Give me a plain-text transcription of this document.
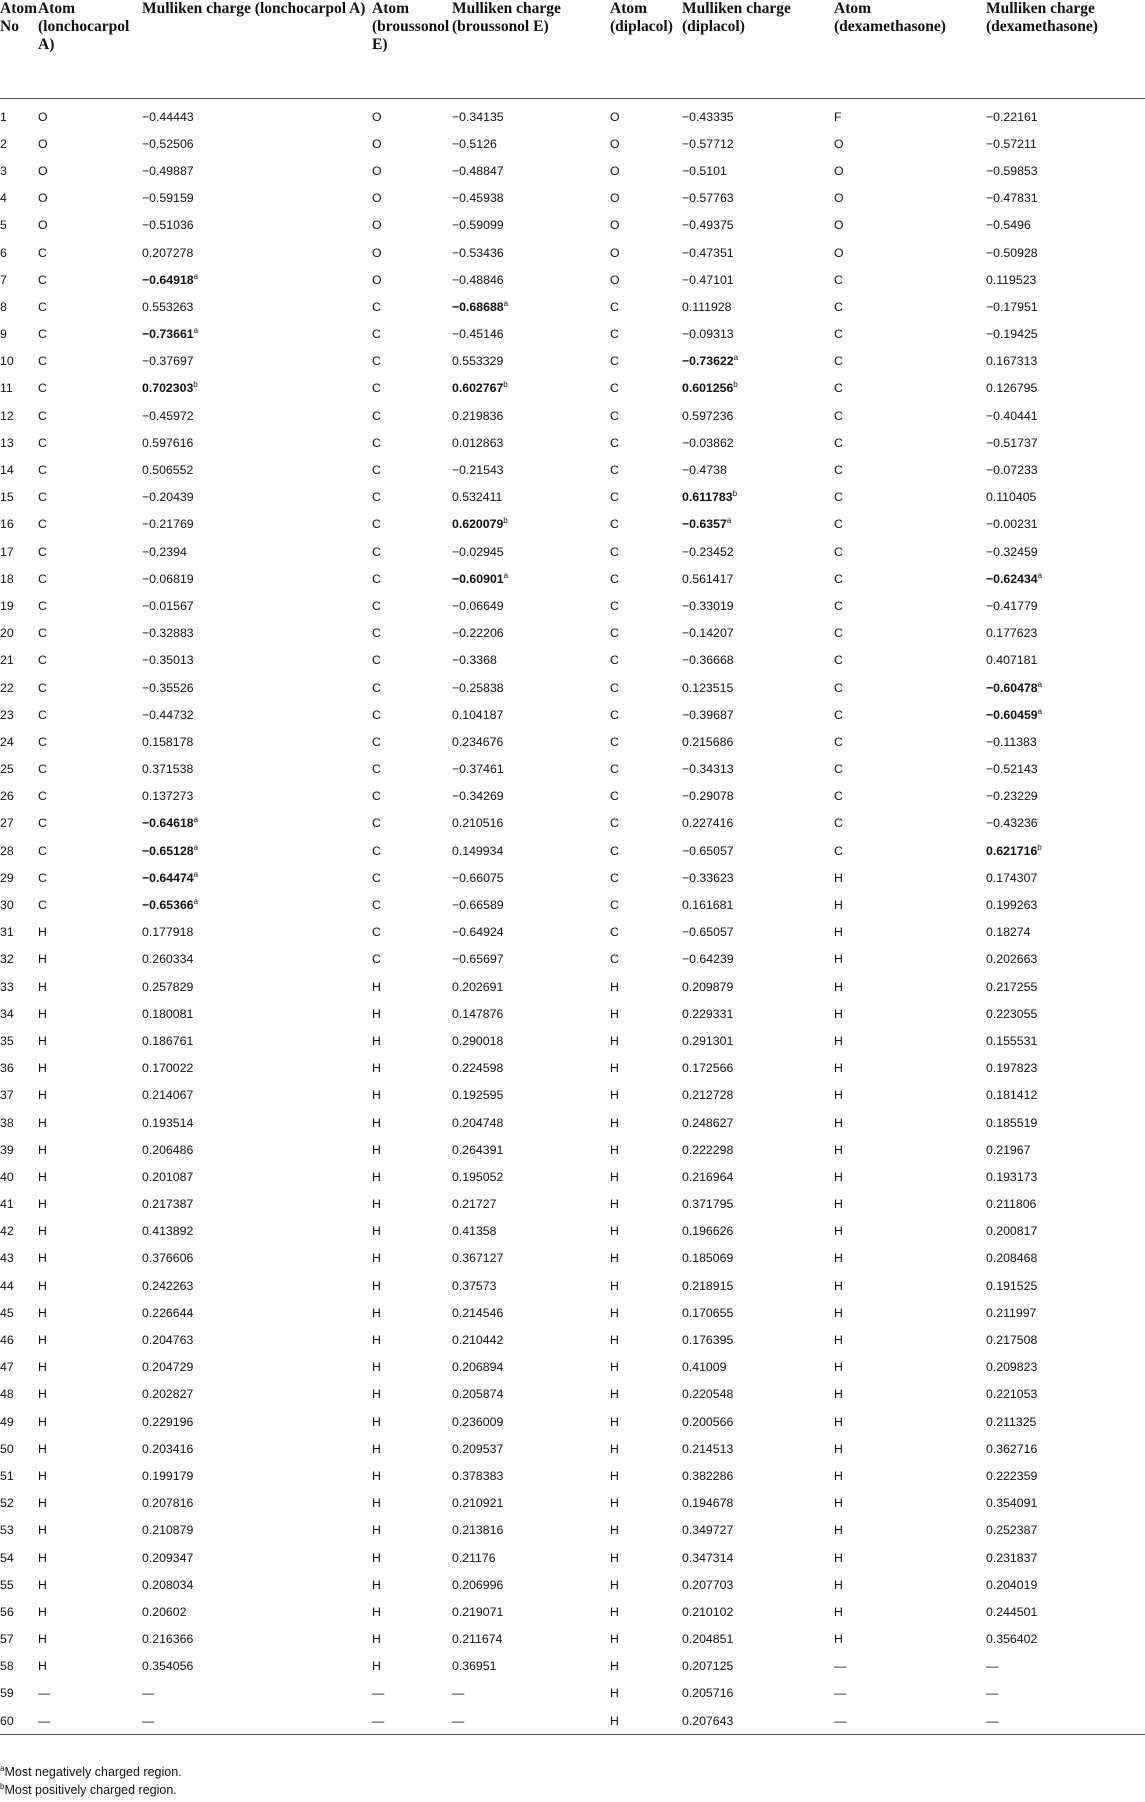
Atom No	Atom (lonchocarpol A)	Mulliken charge (lonchocarpol A)	Atom (broussonol E)	Mulliken charge (broussonol E)	Atom (diplacol)	Mulliken charge (diplacol)	Atom (dexamethasone)	Mulliken charge (dexamethasone)
1	O	−0.44443	O	−0.34135	O	−0.43335	F	−0.22161
2	O	−0.52506	O	−0.5126	O	−0.57712	O	−0.57211
3	O	−0.49887	O	−0.48847	O	−0.5101	O	−0.59853
4	O	−0.59159	O	−0.45938	O	−0.57763	O	−0.47831
5	O	−0.51036	O	−0.59099	O	−0.49375	O	−0.5496
6	C	0.207278	O	−0.53436	O	−0.47351	O	−0.50928
7	C	−0.64918$^a$	O	−0.48846	O	−0.47101	C	0.119523
8	C	0.553263	C	−0.68688$^a$	C	0.111928	C	−0.17951
9	C	−0.73661$^a$	C	−0.45146	C	−0.09313	C	−0.19425
10	C	−0.37697	C	0.553329	C	−0.73622$^a$	C	0.167313
11	C	0.702303$^b$	C	0.602767$^b$	C	0.601256$^b$	C	0.126795
12	C	−0.45972	C	0.219836	C	0.597236	C	−0.40441
13	C	0.597616	C	0.012863	C	−0.03862	C	−0.51737
14	C	0.506552	C	−0.21543	C	−0.4738	C	−0.07233
15	C	−0.20439	C	0.532411	C	0.611783$^b$	C	0.110405
16	C	−0.21769	C	0.620079$^b$	C	−0.6357$^a$	C	−0.00231
17	C	−0.2394	C	−0.02945	C	−0.23452	C	−0.32459
18	C	−0.06819	C	−0.60901$^a$	C	0.561417	C	−0.62434$^a$
19	C	−0.01567	C	−0.06649	C	−0.33019	C	−0.41779
20	C	−0.32883	C	−0.22206	C	−0.14207	C	0.177623
21	C	−0.35013	C	−0.3368	C	−0.36668	C	0.407181
22	C	−0.35526	C	−0.25838	C	0.123515	C	−0.60478$^a$
23	C	−0.44732	C	0.104187	C	−0.39687	C	−0.60459$^a$
24	C	0.158178	C	0.234676	C	0.215686	C	−0.11383
25	C	0.371538	C	−0.37461	C	−0.34313	C	−0.52143
26	C	0.137273	C	−0.34269	C	−0.29078	C	−0.23229
27	C	−0.64618$^a$	C	0.210516	C	0.227416	C	−0.43236
28	C	−0.65128$^a$	C	0.149934	C	−0.65057	C	0.621716$^b$
29	C	−0.64474$^a$	C	−0.66075	C	−0.33623	H	0.174307
30	C	−0.65366$^a$	C	−0.66589	C	0.161681	H	0.199263
31	H	0.177918	C	−0.64924	C	−0.65057	H	0.18274
32	H	0.260334	C	−0.65697	C	−0.64239	H	0.202663
33	H	0.257829	H	0.202691	H	0.209879	H	0.217255
34	H	0.180081	H	0.147876	H	0.229331	H	0.223055
35	H	0.186761	H	0.290018	H	0.291301	H	0.155531
36	H	0.170022	H	0.224598	H	0.172566	H	0.197823
37	H	0.214067	H	0.192595	H	0.212728	H	0.181412
38	H	0.193514	H	0.204748	H	0.248627	H	0.185519
39	H	0.206486	H	0.264391	H	0.222298	H	0.21967
40	H	0.201087	H	0.195052	H	0.216964	H	0.193173
41	H	0.217387	H	0.21727	H	0.371795	H	0.211806
42	H	0.413892	H	0.41358	H	0.196626	H	0.200817
43	H	0.376606	H	0.367127	H	0.185069	H	0.208468
44	H	0.242263	H	0.37573	H	0.218915	H	0.191525
45	H	0.226644	H	0.214546	H	0.170655	H	0.211997
46	H	0.204763	H	0.210442	H	0.176395	H	0.217508
47	H	0.204729	H	0.206894	H	0.41009	H	0.209823
48	H	0.202827	H	0.205874	H	0.220548	H	0.221053
49	H	0.229196	H	0.236009	H	0.200566	H	0.211325
50	H	0.203416	H	0.209537	H	0.214513	H	0.362716
51	H	0.199179	H	0.378383	H	0.382286	H	0.222359
52	H	0.207816	H	0.210921	H	0.194678	H	0.354091
53	H	0.210879	H	0.213816	H	0.349727	H	0.252387
54	H	0.209347	H	0.21176	H	0.347314	H	0.231837
55	H	0.208034	H	0.206996	H	0.207703	H	0.204019
56	H	0.20602	H	0.219071	H	0.210102	H	0.244501
57	H	0.216366	H	0.211674	H	0.204851	H	0.356402
58	H	0.354056	H	0.36951	H	0.207125	—	—
59	—	—	—	—	H	0.205716	—	—
60	—	—	—	—	H	0.207643	—	—
$^a$Most negatively charged region.
$^b$Most positively charged region.
